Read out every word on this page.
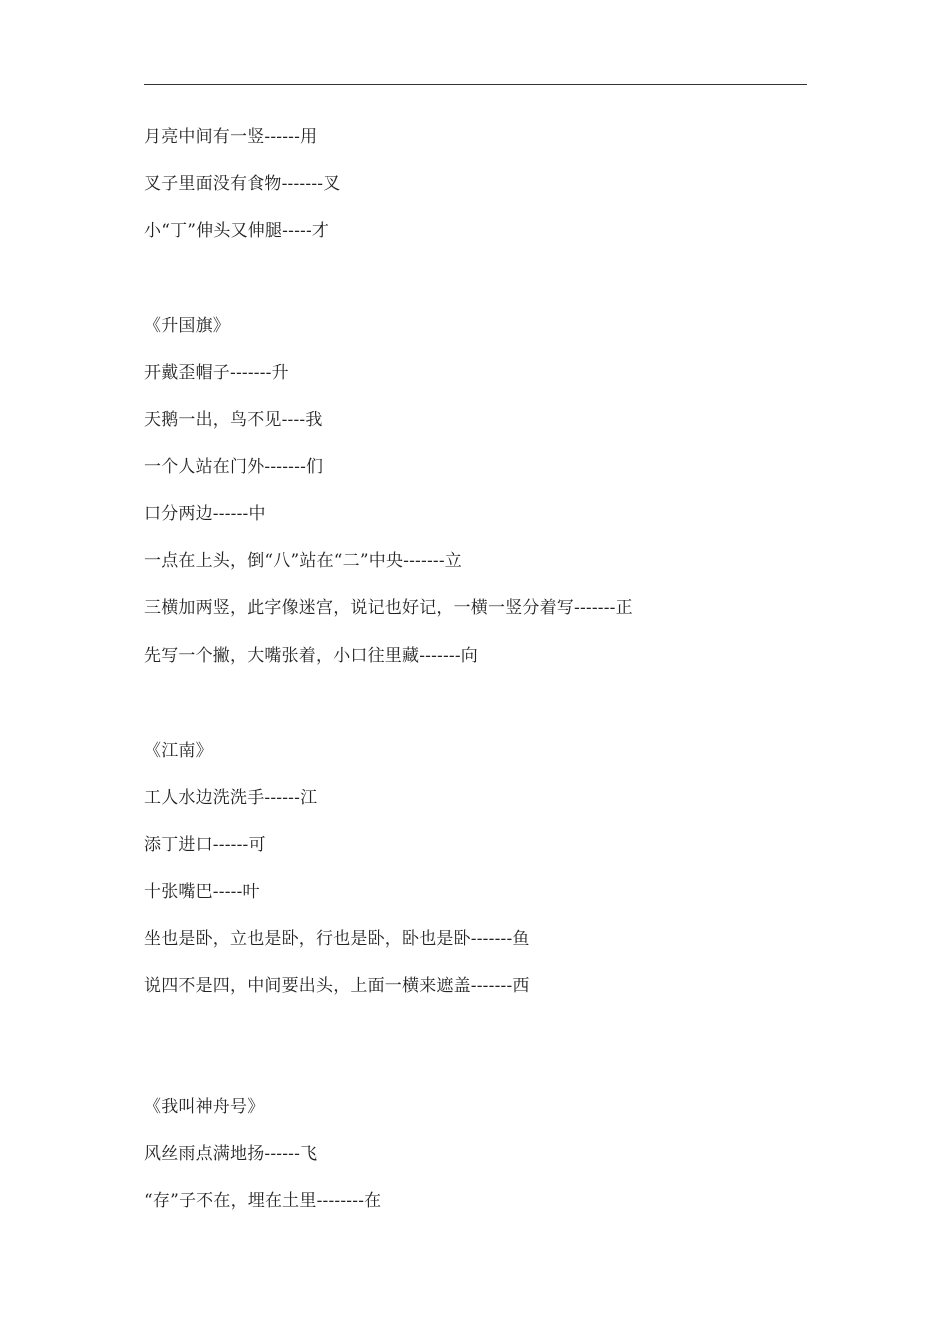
月亮中间有一竖------用
叉子里面没有食物-------叉
小“丁”伸头又伸腿-----才
《升国旗》
开戴歪帽子-------升
天鹅一出，鸟不见----我
一个人站在门外-------们
口分两边------中
一点在上头，倒“八”站在“二”中央-------立
三横加两竖，此字像迷宫，说记也好记，一横一竖分着写-------正
先写一个撇，大嘴张着，小口往里藏-------向
《江南》
工人水边洗洗手------江
添丁进口------可
十张嘴巴-----叶
坐也是卧，立也是卧，行也是卧，卧也是卧-------鱼
说四不是四，中间要出头，上面一横来遮盖-------西
《我叫神舟号》
风丝雨点满地扬------飞
“存”子不在，埋在土里--------在
